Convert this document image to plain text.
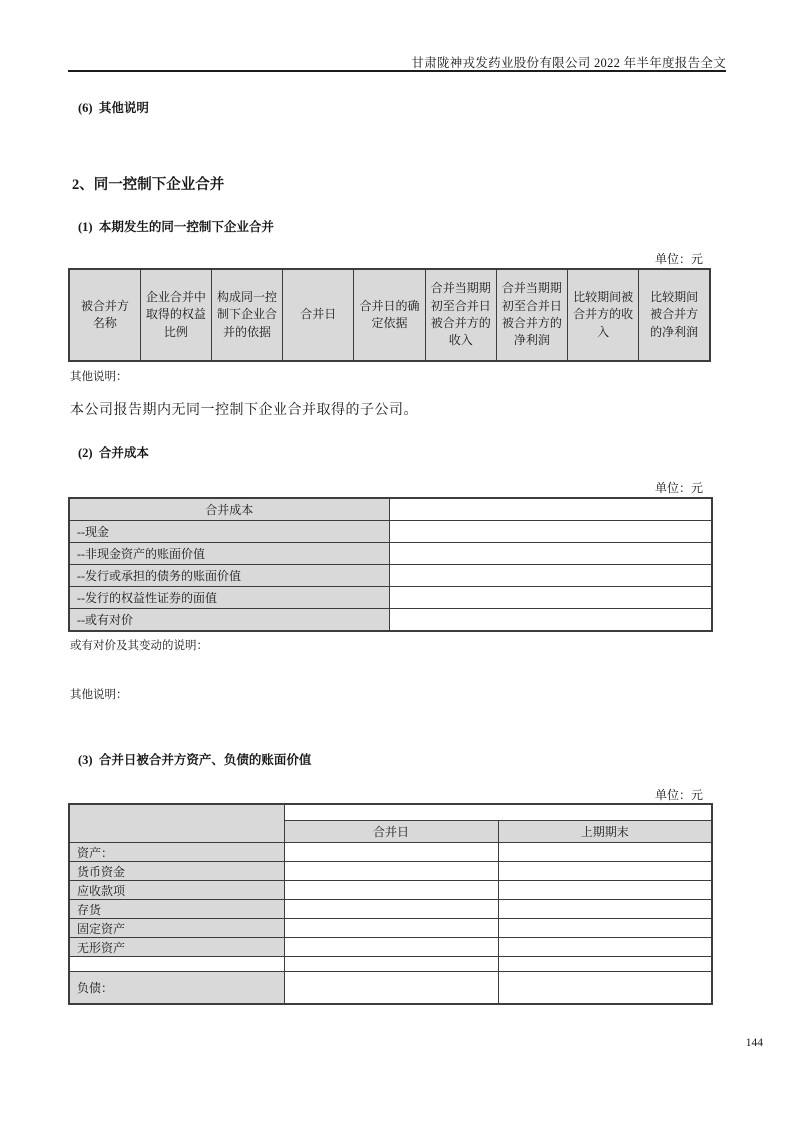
甘肃陇神戎发药业股份有限公司 2022 年半年度报告全文
(6)  其他说明
2、同一控制下企业合并
(1)  本期发生的同一控制下企业合并
单位：元
被合并方名称	企业合并中取得的权益比例	构成同一控制下企业合并的依据	合并日	合并日的确定依据	合并当期期初至合并日被合并方的收入	合并当期期初至合并日被合并方的净利润	比较期间被合并方的收入	比较期间被合并方的净利润
其他说明：
本公司报告期内无同一控制下企业合并取得的子公司。
(2)  合并成本
单位：元
合并成本	
--现金	
--非现金资产的账面价值	
--发行或承担的债务的账面价值	
--发行的权益性证券的面值	
--或有对价	
或有对价及其变动的说明：
其他说明：
(3)  合并日被合并方资产、负债的账面价值
单位：元

	合并日	上期期末
资产：		
货币资金		
应收款项		
存货		
固定资产		
无形资产		

负债：		
144
